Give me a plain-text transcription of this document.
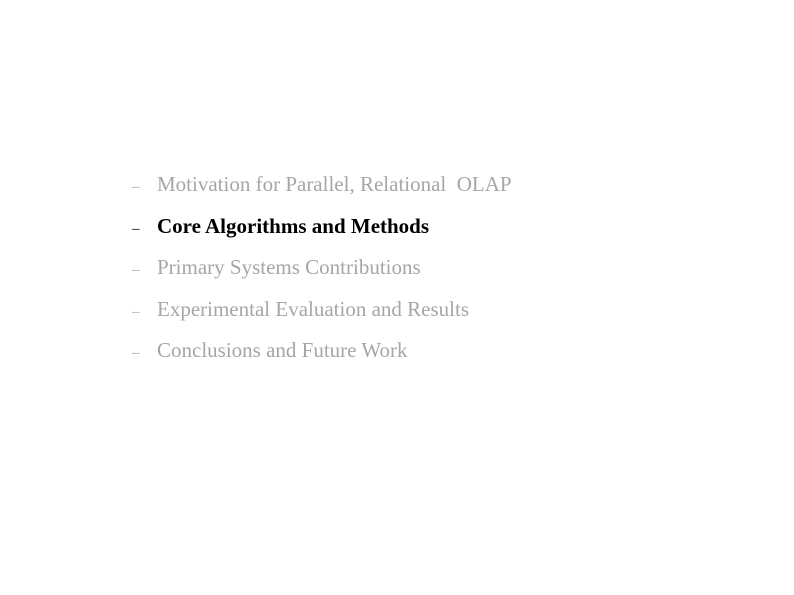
– Motivation for Parallel, Relational  OLAP
– Core Algorithms and Methods
– Primary Systems Contributions
– Experimental Evaluation and Results
– Conclusions and Future Work
